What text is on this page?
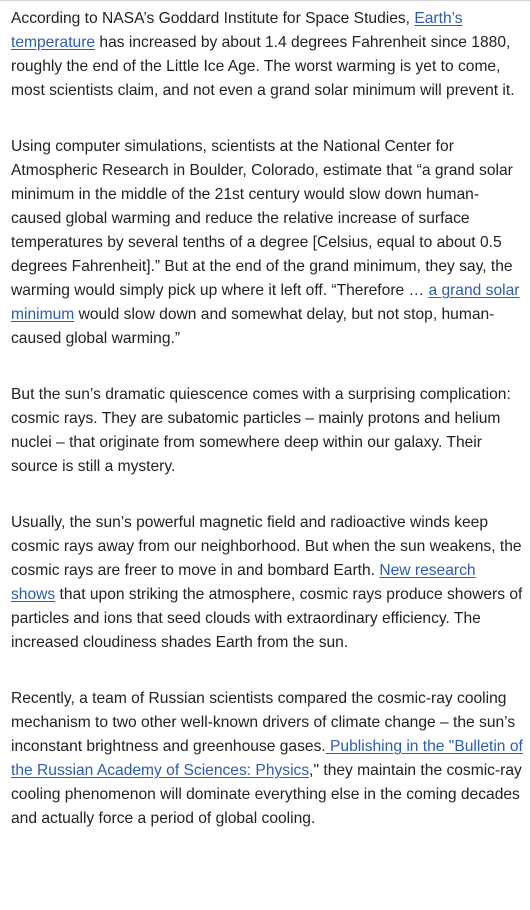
According to NASA’s Goddard Institute for Space Studies, Earth’s temperature has increased by about 1.4 degrees Fahrenheit since 1880, roughly the end of the Little Ice Age. The worst warming is yet to come, most scientists claim, and not even a grand solar minimum will prevent it.

Using computer simulations, scientists at the National Center for Atmospheric Research in Boulder, Colorado, estimate that “a grand solar minimum in the middle of the 21st century would slow down human-caused global warming and reduce the relative increase of surface temperatures by several tenths of a degree [Celsius, equal to about 0.5 degrees Fahrenheit].” But at the end of the grand minimum, they say, the warming would simply pick up where it left off. “Therefore … a grand solar minimum would slow down and somewhat delay, but not stop, human-caused global warming.”

But the sun’s dramatic quiescence comes with a surprising complication: cosmic rays. They are subatomic particles – mainly protons and helium nuclei – that originate from somewhere deep within our galaxy. Their source is still a mystery.

Usually, the sun’s powerful magnetic field and radioactive winds keep cosmic rays away from our neighborhood. But when the sun weakens, the cosmic rays are freer to move in and bombard Earth. New research shows that upon striking the atmosphere, cosmic rays produce showers of particles and ions that seed clouds with extraordinary efficiency. The increased cloudiness shades Earth from the sun.

Recently, a team of Russian scientists compared the cosmic-ray cooling mechanism to two other well-known drivers of climate change – the sun’s inconstant brightness and greenhouse gases. Publishing in the "Bulletin of the Russian Academy of Sciences: Physics," they maintain the cosmic-ray cooling phenomenon will dominate everything else in the coming decades and actually force a period of global cooling.
